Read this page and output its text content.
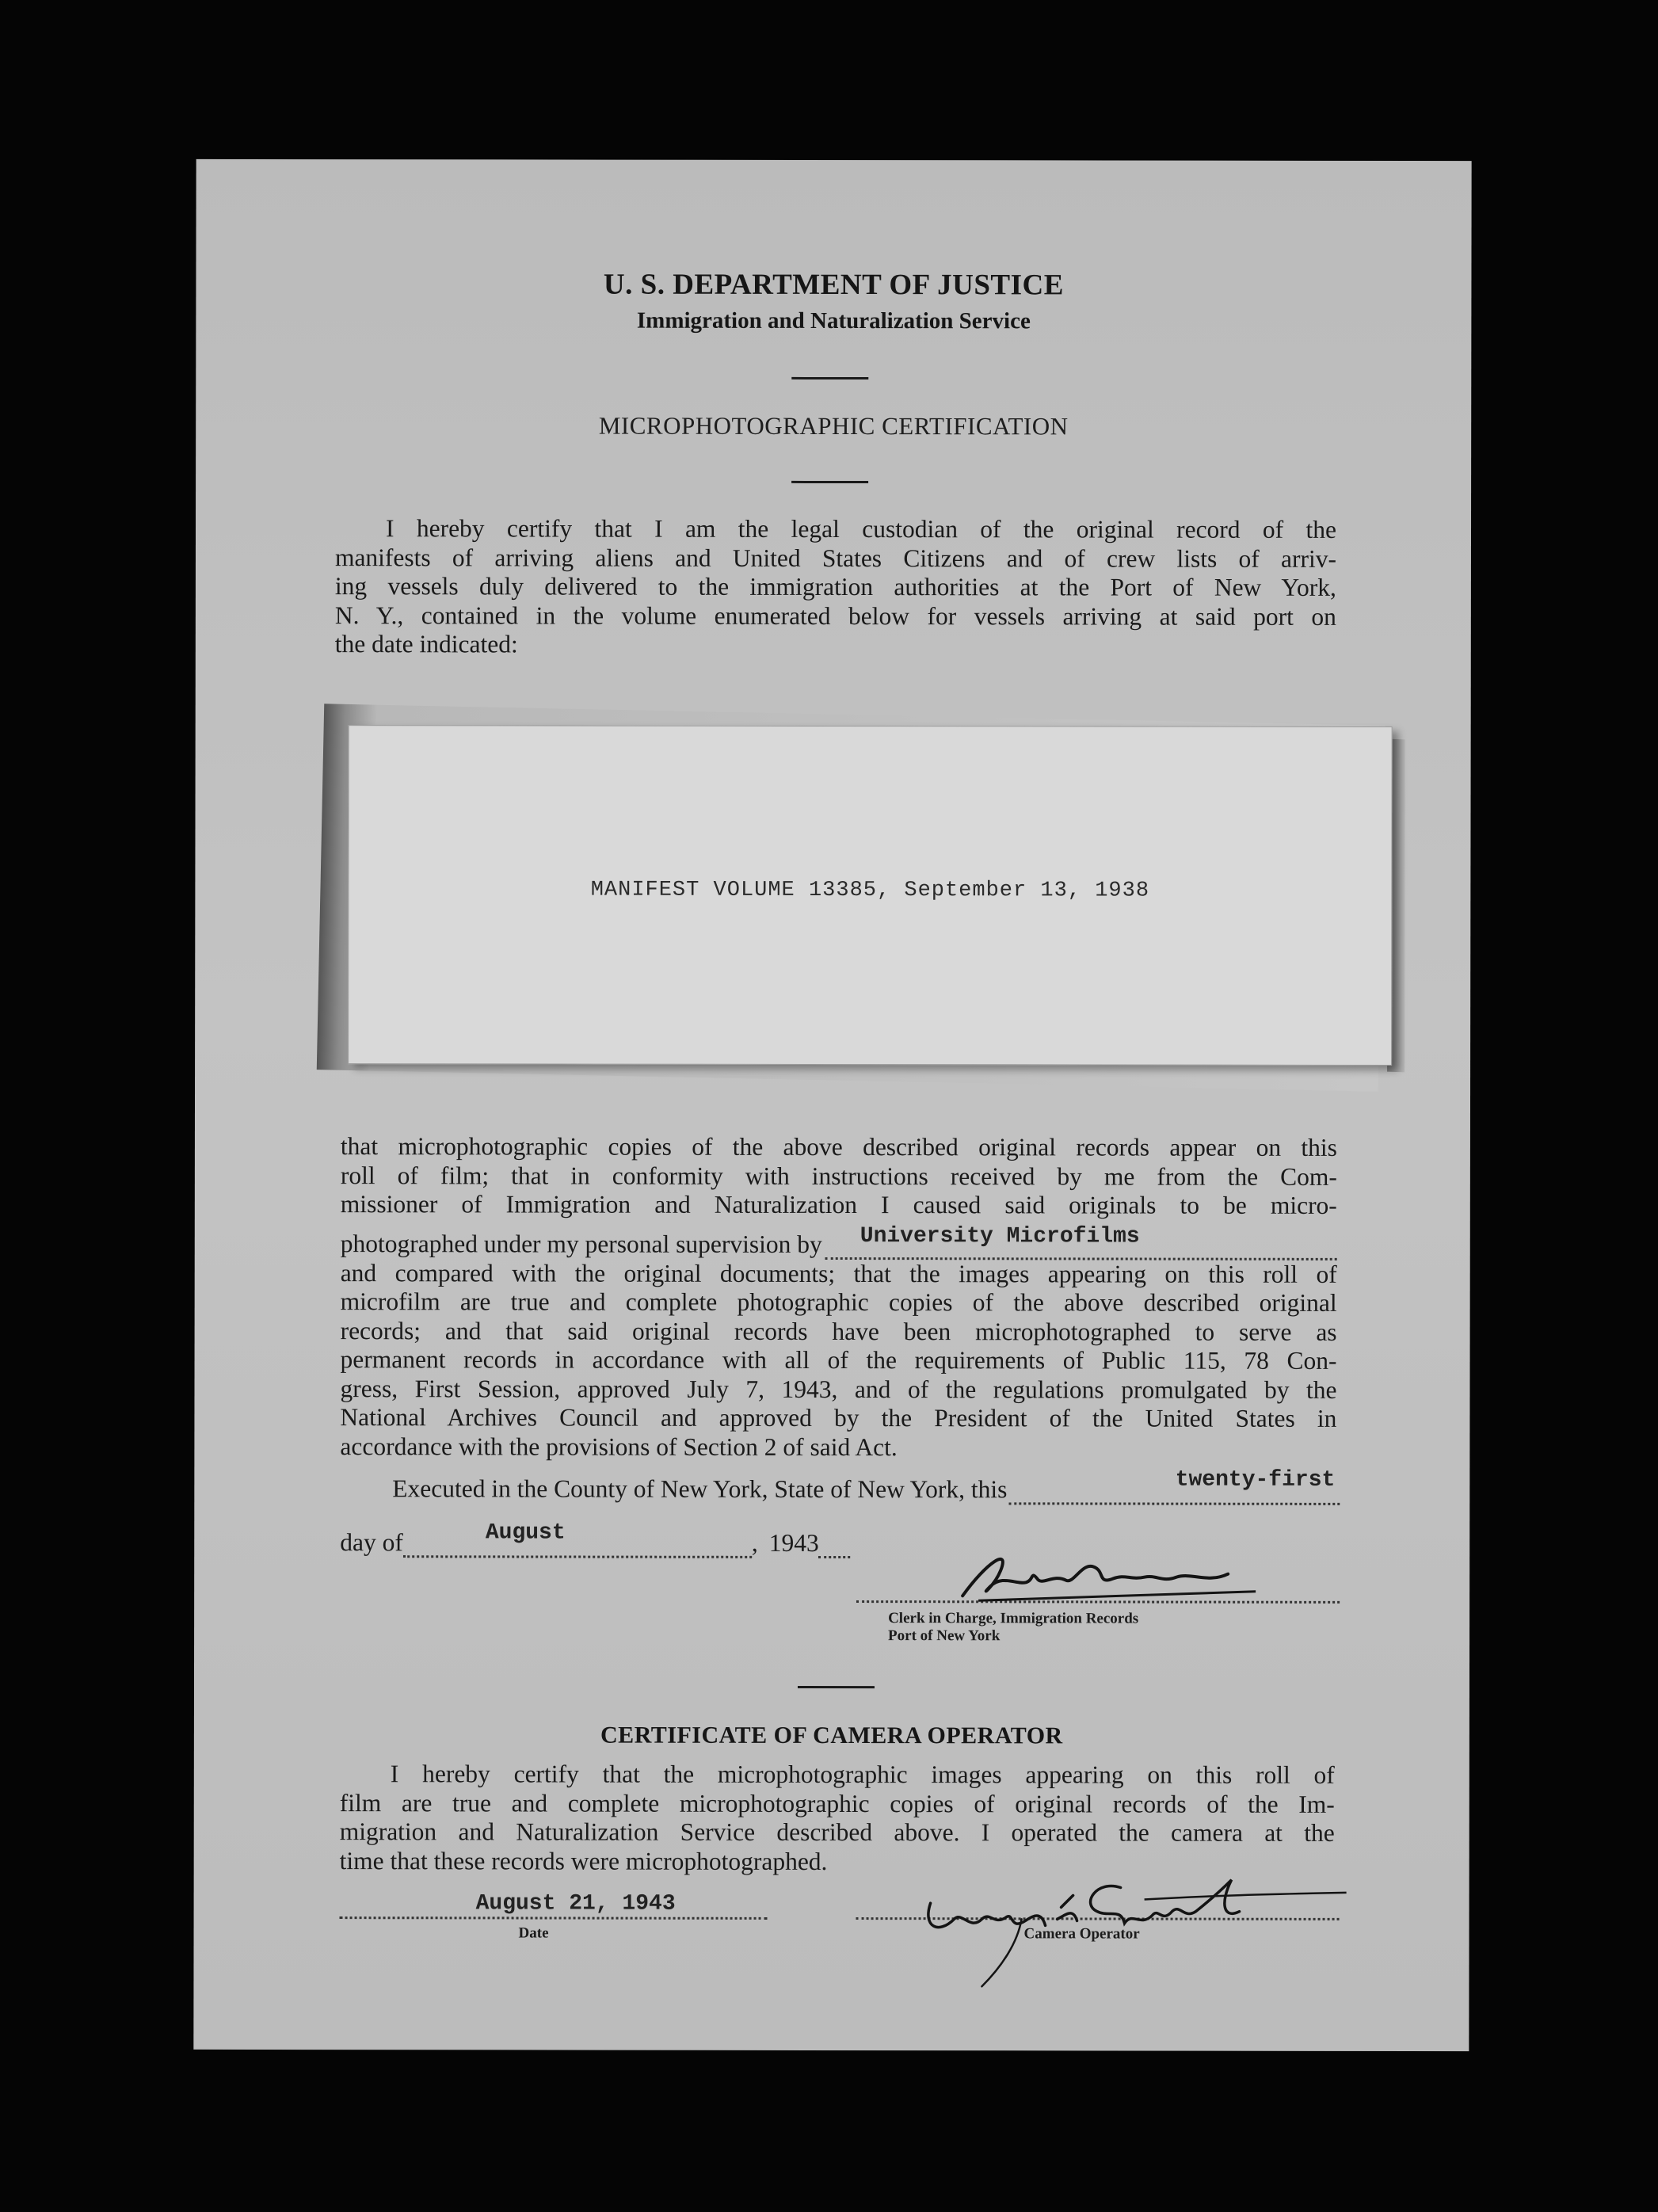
U. S. DEPARTMENT OF JUSTICE
Immigration and Naturalization Service
MICROPHOTOGRAPHIC CERTIFICATION
I hereby certify that I am the legal custodian of the original record of the
manifests of arriving aliens and United States Citizens and of crew lists of arriv-
ing vessels duly delivered to the immigration authorities at the Port of New York,
N. Y., contained in the volume enumerated below for vessels arriving at said port on
the date indicated:
MANIFEST VOLUME 13385, September 13, 1938
that microphotographic copies of the above described original records appear on this
roll of film; that in conformity with instructions received by me from the Com-
missioner of Immigration and Naturalization I caused said originals to be micro-
photographed under my personal supervision by University Microfilms
and compared with the original documents; that the images appearing on this roll of
microfilm are true and complete photographic copies of the above described original
records; and that said original records have been microphotographed to serve as
permanent records in accordance with all of the requirements of Public 115, 78 Con-
gress, First Session, approved July 7, 1943, and of the regulations promulgated by the
National Archives Council and approved by the President of the United States in
accordance with the provisions of Section 2 of said Act.
Executed in the County of New York, State of New York, this	twenty-first
day of	August	, 1943
Clerk in Charge, Immigration Records
Port of New York
CERTIFICATE OF CAMERA OPERATOR
I hereby certify that the microphotographic images appearing on this roll of
film are true and complete microphotographic copies of original records of the Im-
migration and Naturalization Service described above. I operated the camera at the
time that these records were microphotographed.
August 21, 1943
Date	Camera Operator
